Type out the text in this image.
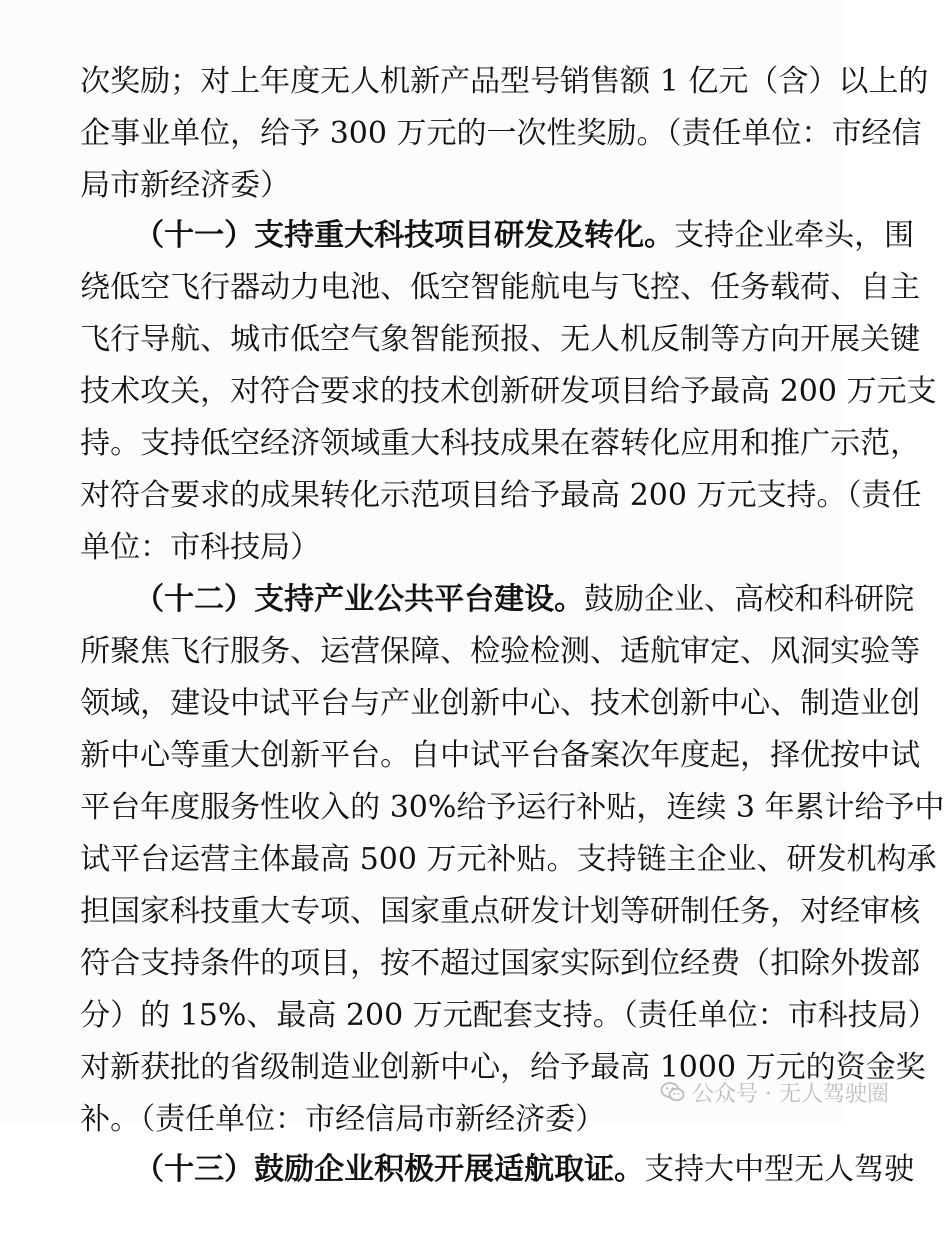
次奖励；对上年度无人机新产品型号销售额 1 亿元（含）以上的

企事业单位，给予 300 万元的一次性奖励。（责任单位：市经信

局市新经济委）

（十一）支持重大科技项目研发及转化。支持企业牵头，围

绕低空飞行器动力电池、低空智能航电与飞控、任务载荷、自主

飞行导航、城市低空气象智能预报、无人机反制等方向开展关键

技术攻关，对符合要求的技术创新研发项目给予最高 200 万元支

持。支持低空经济领域重大科技成果在蓉转化应用和推广示范，

对符合要求的成果转化示范项目给予最高 200 万元支持。（责任

单位：市科技局）

（十二）支持产业公共平台建设。鼓励企业、高校和科研院

所聚焦飞行服务、运营保障、检验检测、适航审定、风洞实验等

领域，建设中试平台与产业创新中心、技术创新中心、制造业创

新中心等重大创新平台。自中试平台备案次年度起，择优按中试

平台年度服务性收入的 30%给予运行补贴，连续 3 年累计给予中

试平台运营主体最高 500 万元补贴。支持链主企业、研发机构承

担国家科技重大专项、国家重点研发计划等研制任务，对经审核

符合支持条件的项目，按不超过国家实际到位经费（扣除外拨部

分）的 15%、最高 200 万元配套支持。（责任单位：市科技局）

对新获批的省级制造业创新中心，给予最高 1000 万元的资金奖

补。（责任单位：市经信局市新经济委）

（十三）鼓励企业积极开展适航取证。支持大中型无人驾驶

公众号 · 无人驾驶圈
